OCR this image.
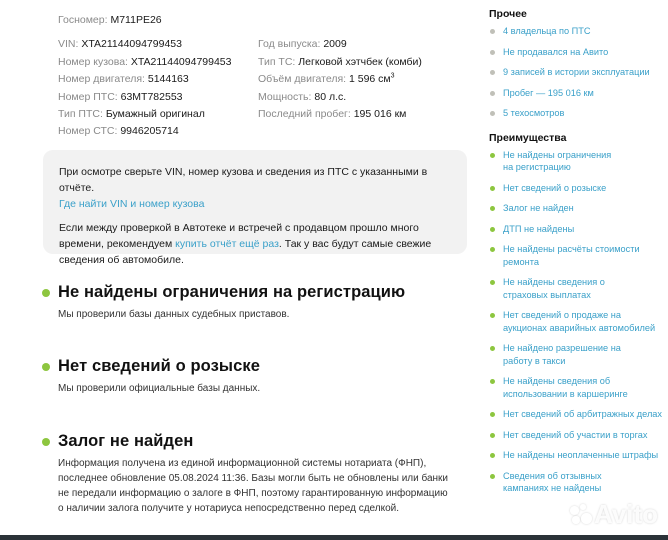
Госномер: М711РЕ26
VIN: XTA21144094799453
Номер кузова: XTA21144094799453
Номер двигателя: 5144163
Номер ПТС: 63МТ782553
Тип ПТС: Бумажный оригинал
Номер СТС: 9946205714
Год выпуска: 2009
Тип ТС: Легковой хэтчбек (комби)
Объём двигателя: 1 596 $см^3$
Мощность: 80 л.с.
Последний пробег: 195 016 км

При осмотре сверьте VIN, номер кузова и сведения из ПТС с указанными в отчёте.

Где найти VIN и номер кузова

Если между проверкой в Автотеке и встречей с продавцом прошло много времени, рекомендуем купить отчёт ещё раз. Так у вас будут самые свежие сведения об автомобиле.

Не найдены ограничения на регистрацию
Мы проверили базы данных судебных приставов.
Нет сведений о розыске
Мы проверили официальные базы данных.
Залог не найден
Информация получена из единой информационной системы нотариата (ФНП), последнее обновление 05.08.2024 11:36. Базы могли быть не обновлены или банки не передали информацию о залоге в ФНП, поэтому гарантированную информацию о наличии залога получите у нотариуса непосредственно перед сделкой.
Прочее
4 владельца по ПТС
Не продавался на Авито
9 записей в истории эксплуатации
Пробег — 195 016 км
5 техосмотров
Преимущества
Не найдены ограничения на регистрацию
Нет сведений о розыске
Залог не найден
ДТП не найдены
Не найдены расчёты стоимости ремонта
Не найдены сведения о страховых выплатах
Нет сведений о продаже на аукционах аварийных автомобилей
Не найдено разрешение на работу в такси
Не найдены сведения об использовании в каршеринге
Нет сведений об арбитражных делах
Нет сведений об участии в торгах
Не найдены неоплаченные штрафы
Сведения об отзывных кампаниях не найдены
Avito
